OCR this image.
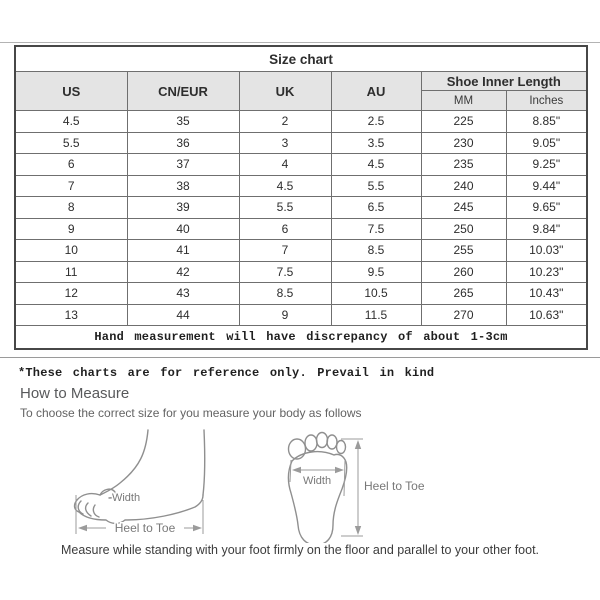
Size chart					
US	CN/EUR	UK	AU	Shoe Inner Length	
				MM	Inches
4.5	35	2	2.5	225	8.85"
5.5	36	3	3.5	230	9.05"
6	37	4	4.5	235	9.25"
7	38	4.5	5.5	240	9.44"
8	39	5.5	6.5	245	9.65"
9	40	6	7.5	250	9.84"
10	41	7	8.5	255	10.03"
11	42	7.5	9.5	260	10.23"
12	43	8.5	10.5	265	10.43"
13	44	9	11.5	270	10.63"
Hand measurement will have discrepancy of about 1-3cm					
*These charts are for reference only. Prevail in kind
How to Measure
To choose the correct size for you measure your body as follows
Width
Heel to Toe
Width	Heel to Toe
Measure while standing with your foot firmly on the floor and parallel to your other foot.
